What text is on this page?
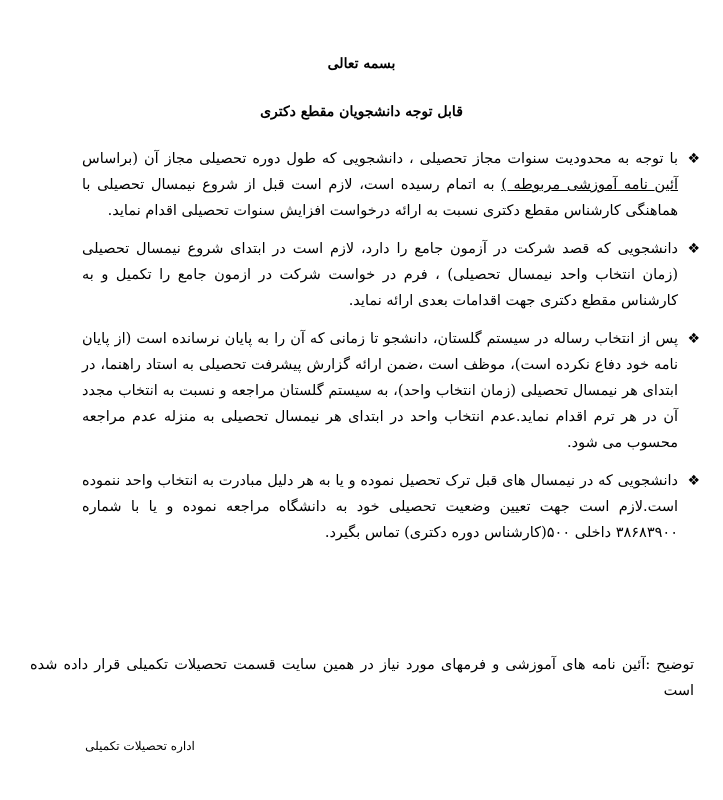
بسمه تعالی

قابل توجه دانشجویان مقطع دکتری

❖
با توجه به محدودیت سنوات مجاز تحصیلی ، دانشجویی که طول دوره تحصیلی مجاز آن (براساس آئین نامه آموزشی مربوطه ) به اتمام رسیده است، لازم است قبل از شروع نیمسال تحصیلی با هماهنگی کارشناس مقطع دکتری نسبت به ارائه درخواست افزایش سنوات تحصیلی اقدام نماید.
❖
دانشجویی که قصد شرکت در آزمون جامع را دارد، لازم است در ابتدای شروع نیمسال تحصیلی (زمان انتخاب واحد نیمسال تحصیلی) ، فرم در خواست شرکت در ازمون جامع را تکمیل و به کارشناس مقطع دکتری جهت اقدامات بعدی ارائه نماید.
❖
پس از انتخاب رساله در سیستم گلستان، دانشجو تا زمانی که آن را به پایان نرسانده است (از پایان نامه خود دفاع نکرده است)، موظف است ،ضمن ارائه گزارش پیشرفت تحصیلی به استاد راهنما، در ابتدای هر نیمسال تحصیلی (زمان انتخاب واحد)، به سیستم گلستان مراجعه و نسبت به انتخاب مجدد آن در هر ترم اقدام نماید.عدم انتخاب واحد در ابتدای هر نیمسال تحصیلی به منزله عدم مراجعه محسوب می شود.
❖
دانشجویی که در نیمسال های قبل ترک تحصیل نموده و یا به هر دلیل مبادرت به انتخاب واحد ننموده است.لازم است جهت تعیین وضعیت تحصیلی خود به دانشگاه مراجعه نموده و یا با شماره ۳۸۶۸۳۹۰۰ داخلی ۵۰۰(کارشناس دوره دکتری) تماس بگیرد.

توضیح :آئین نامه های آموزشی و فرمهای مورد نیاز در همین سایت قسمت تحصیلات تکمیلی قرار داده شده است

اداره تحصیلات تکمیلی
